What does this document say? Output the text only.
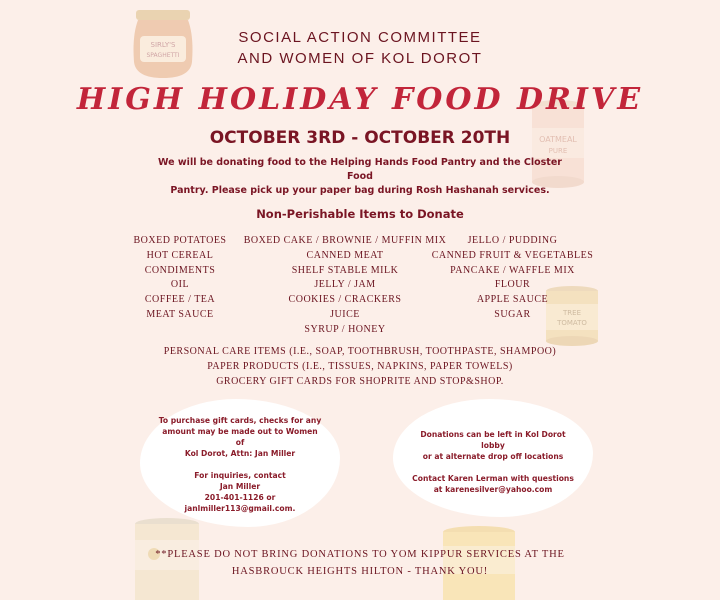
SIRLY'S
SPAGHETTI
OATMEAL
PURE
TREE
TOMATO
SOCIAL ACTION COMMITTEE
AND WOMEN OF KOL DOROT
HIGH HOLIDAY FOOD DRIVE
OCTOBER 3RD - OCTOBER 20TH
We will be donating food to the Helping Hands Food Pantry and the Closter Food
Pantry. Please pick up your paper bag during Rosh Hashanah services.
Non-Perishable Items to Donate
BOXED POTATOES
HOT CEREAL
CONDIMENTS
OIL
COFFEE / TEA
MEAT SAUCE
BOXED CAKE / BROWNIE / MUFFIN MIX
CANNED MEAT
SHELF STABLE MILK
JELLY / JAM
COOKIES / CRACKERS
JUICE
SYRUP / HONEY
JELLO / PUDDING
CANNED FRUIT & VEGETABLES
PANCAKE / WAFFLE MIX
FLOUR
APPLE SAUCE
SUGAR
PERSONAL CARE ITEMS (I.E., SOAP, TOOTHBRUSH, TOOTHPASTE, SHAMPOO)
PAPER PRODUCTS (I.E., TISSUES, NAPKINS, PAPER TOWELS)
GROCERY GIFT CARDS FOR SHOPRITE AND STOP&SHOP.

To purchase gift cards, checks for any
amount may be made out to Women of
Kol Dorot, Attn: Jan Miller

For inquiries, contact
Jan Miller
201-401-1126 or
janlmiller113@gmail.com.

Donations can be left in Kol Dorot lobby
or at alternate drop off locations

Contact Karen Lerman with questions
at karenesilver@yahoo.com

**PLEASE DO NOT BRING DONATIONS TO YOM KIPPUR SERVICES AT THE
HASBROUCK HEIGHTS HILTON - THANK YOU!
